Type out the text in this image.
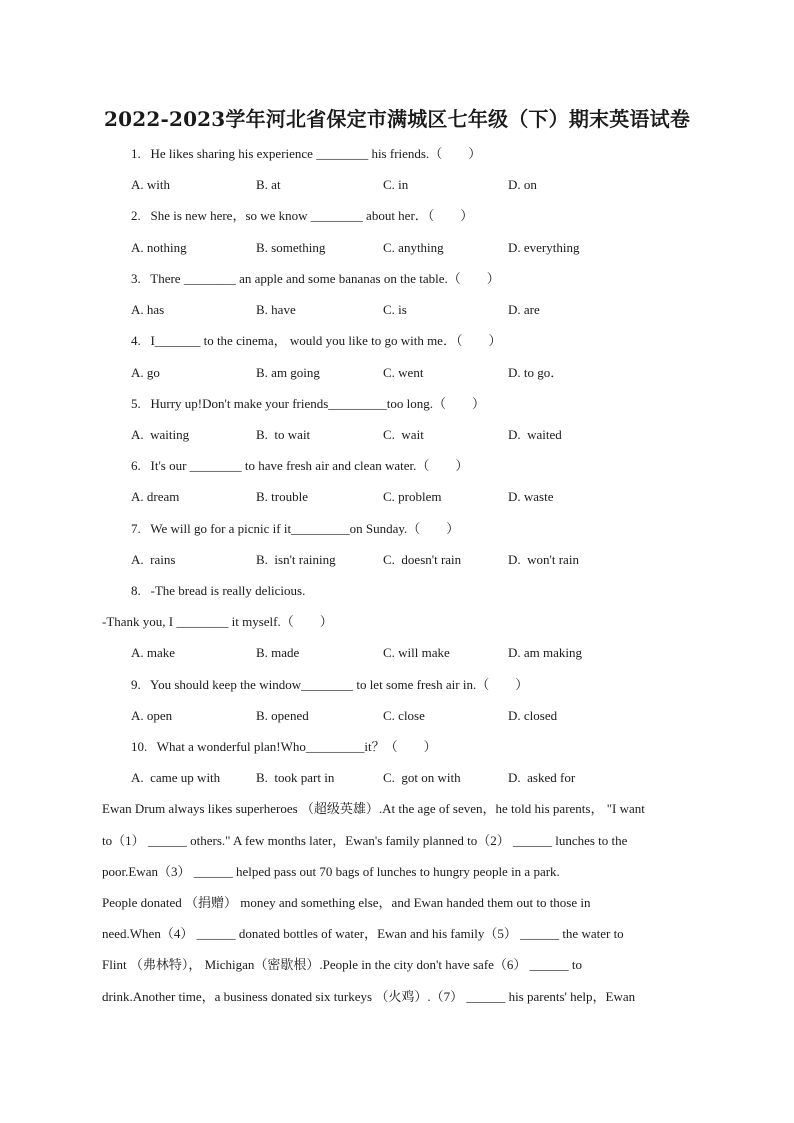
2022-2023学年河北省保定市满城区七年级（下）期末英语试卷
1.   He likes sharing his experience ________ his friends.（        ）
A. with	B. at	C. in	D. on
2.   She is new here，so we know ________ about her．（        ）
A. nothing	B. something	C. anything	D. everything
3.   There ________ an apple and some bananas on the table.（        ）
A. has	B. have	C. is	D. are
4.   I_______ to the cinema， would you like to go with me．（        ）
A. go	B. am going	C. went	D. to go．
5.   Hurry up!Don't make your friends_________too long.（        ）
A.  waiting	B.  to wait	C.  wait	D.  waited
6.   It's our ________ to have fresh air and clean water.（        ）
A. dream	B. trouble	C. problem	D. waste
7.   We will go for a picnic if it_________on Sunday.（        ）
A.  rains	B.  isn't raining	C.  doesn't rain	D.  won't rain
8.   -The bread is really delicious.
-Thank you, I ________ it myself.（        ）
A. make	B. made	C. will make	D. am making
9.   You should keep the window________ to let some fresh air in.（        ）
A. open	B. opened	C. close	D. closed
10.   What a wonderful plan!Who_________it？（        ）
A.  came up with	B.  took part in	C.  got on with	D.  asked for
Ewan Drum always likes superheroes （超级英雄）.At the age of seven，he told his parents， "I want
to（1） ______ others." A few months later，Ewan's family planned to（2） ______ lunches to the
poor.Ewan（3） ______ helped pass out 70 bags of lunches to hungry people in a park.
People donated （捐赠） money and something else，and Ewan handed them out to those in
need.When（4） ______ donated bottles of water，Ewan and his family（5） ______ the water to
Flint （弗林特）， Michigan（密歇根）.People in the city don't have safe（6） ______ to
drink.Another time，a business donated six turkeys （火鸡）.（7） ______ his parents' help，Ewan
